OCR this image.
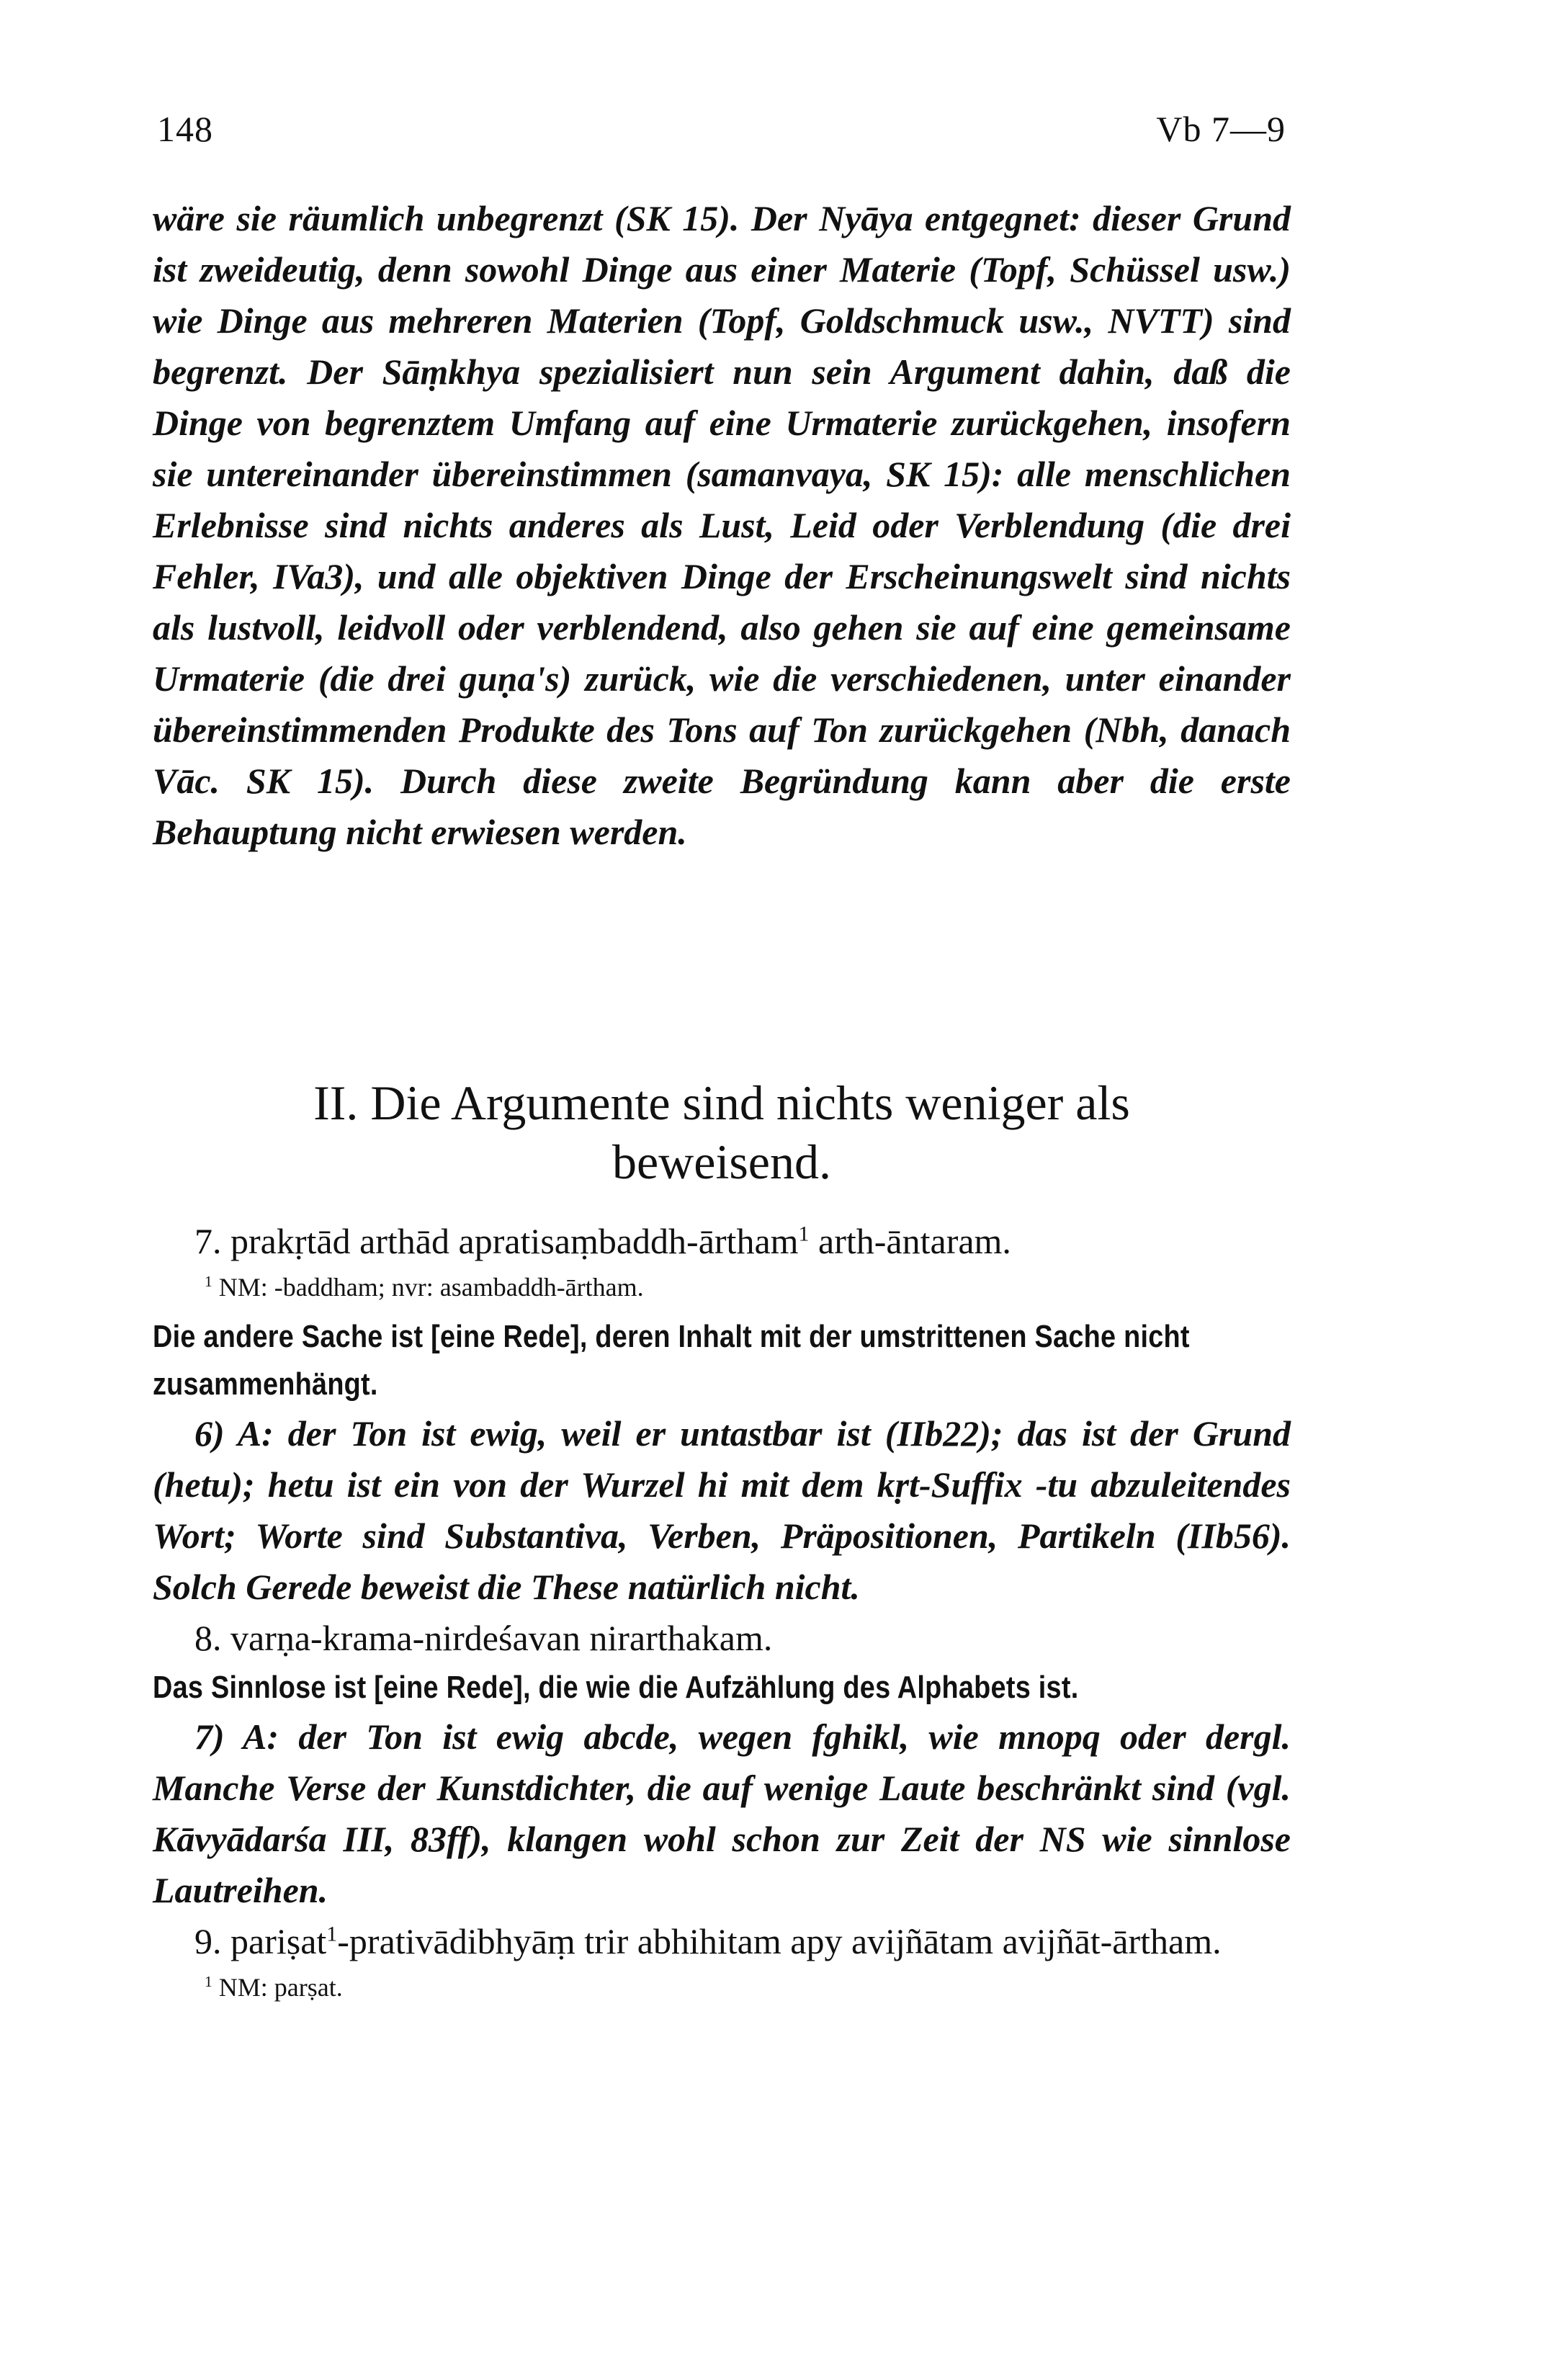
148	Vb 7—9

wäre sie räumlich unbegrenzt (SK 15). Der Nyāya entgegnet: dieser Grund ist zweideutig, denn sowohl Dinge aus einer Materie (Topf, Schüssel usw.) wie Dinge aus mehreren Materien (Topf, Goldschmuck usw., NVTT) sind begrenzt. Der Sāṃkhya spezialisiert nun sein Argument dahin, daß die Dinge von begrenztem Umfang auf eine Urmaterie zurückgehen, insofern sie untereinander übereinstimmen (samanvaya, SK 15): alle menschlichen Erlebnisse sind nichts anderes als Lust, Leid oder Verblendung (die drei Fehler, IVa3), und alle objektiven Dinge der Erscheinungswelt sind nichts als lustvoll, leidvoll oder verblendend, also gehen sie auf eine gemeinsame Urmaterie (die drei guṇa's) zurück, wie die verschiedenen, unter einander übereinstimmenden Produkte des Tons auf Ton zurückgehen (Nbh, danach Vāc. SK 15). Durch diese zweite Begründung kann aber die erste Behauptung nicht erwiesen werden.

II. Die Argumente sind nichts weniger als
beweisend.

7. prakṛtād arthād apratisaṃbaddh-ārtham$^1$ arth-āntaram.

$^1$ NM: -baddham; nvr: asambaddh-ārtham.

Die andere Sache ist [eine Rede], deren Inhalt mit der umstrittenen Sache nicht zusammenhängt.

6) A: der Ton ist ewig, weil er untastbar ist (IIb22); das ist der Grund (hetu); hetu ist ein von der Wurzel hi mit dem kṛt-Suffix -tu abzuleitendes Wort; Worte sind Substantiva, Verben, Präpositionen, Partikeln (IIb56). Solch Gerede beweist die These natürlich nicht.

8. varṇa-krama-nirdeśavan nirarthakam.

Das Sinnlose ist [eine Rede], die wie die Aufzählung des Alphabets ist.

7) A: der Ton ist ewig abcde, wegen fghikl, wie mnopq oder dergl. Manche Verse der Kunstdichter, die auf wenige Laute beschränkt sind (vgl. Kāvyādarśa III, 83ff), klangen wohl schon zur Zeit der NS wie sinnlose Lautreihen.

9. pariṣat$^1$-prativādibhyāṃ trir abhihitam apy avijñātam avijñāt-ārtham.

$^1$ NM: parṣat.
